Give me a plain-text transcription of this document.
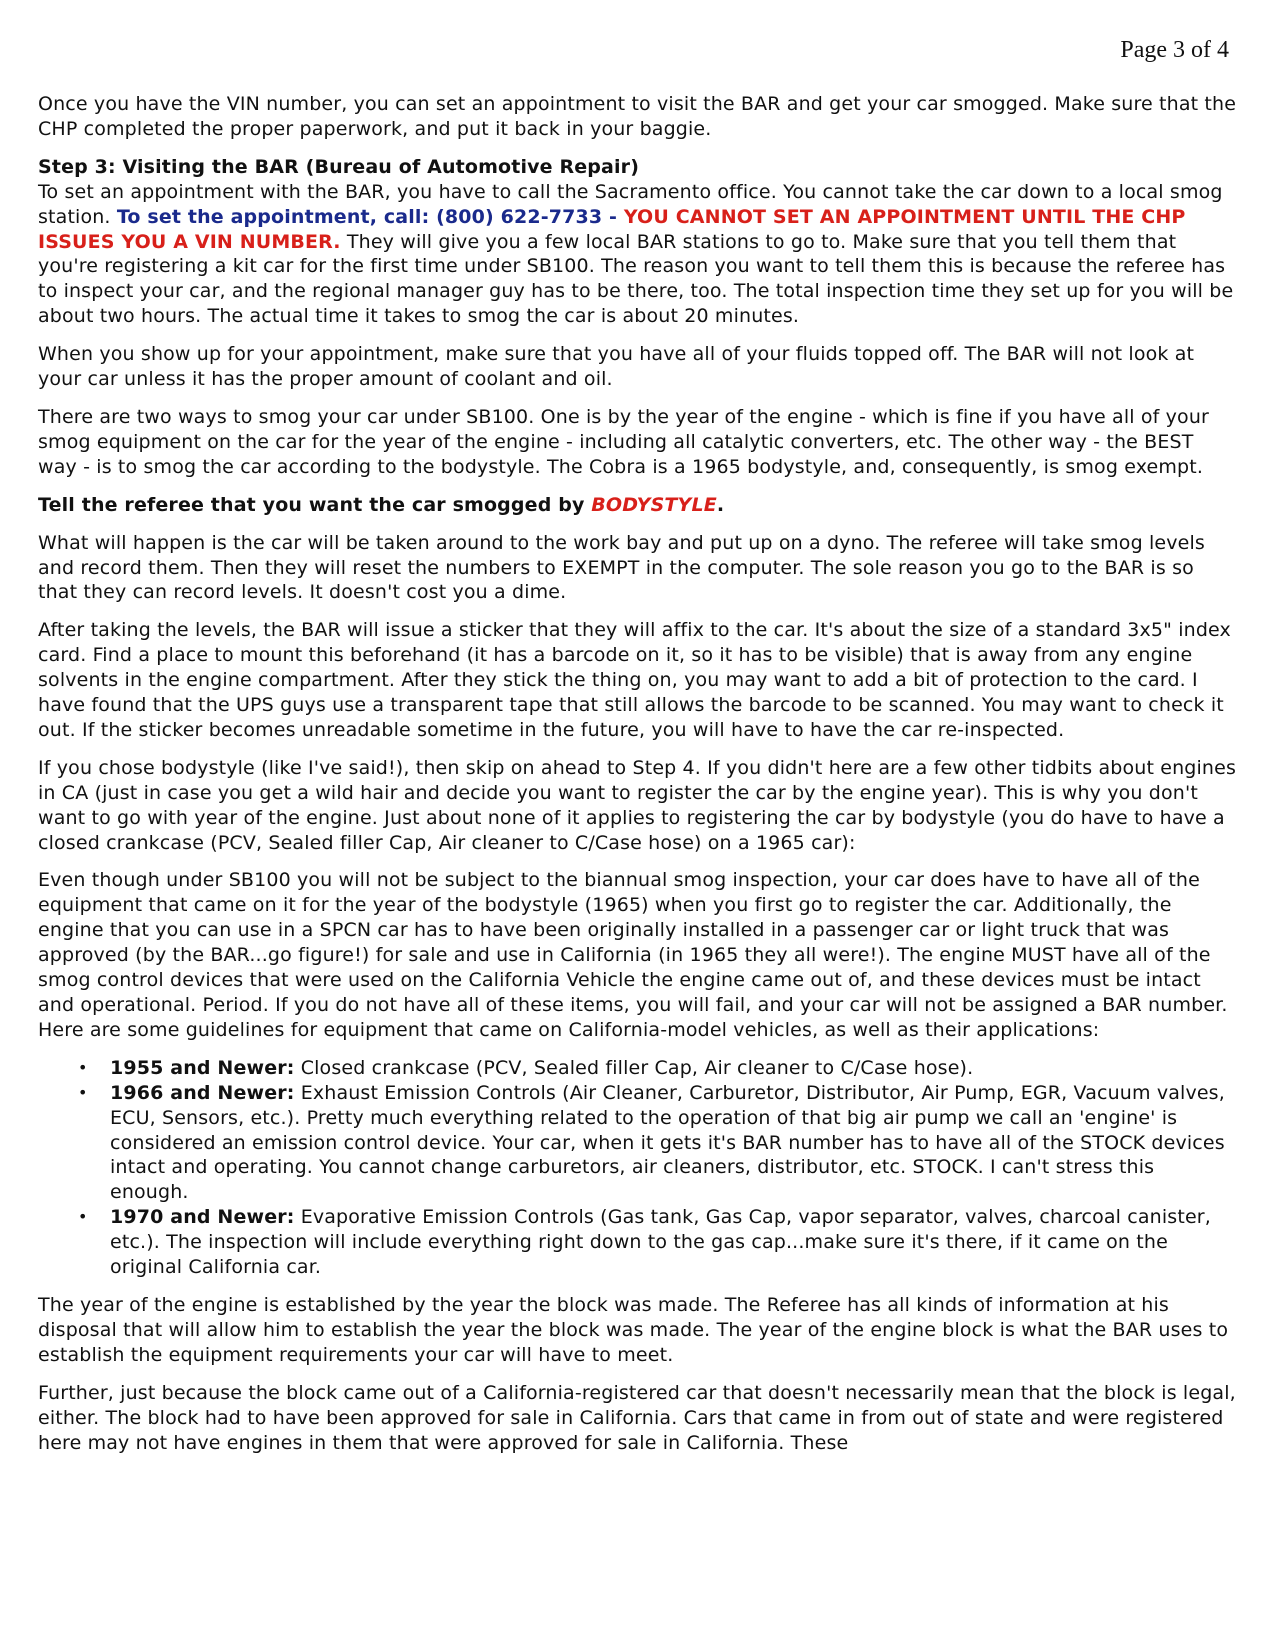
Page 3 of 4

Once you have the VIN number, you can set an appointment to visit the BAR and get your car smogged. Make sure that the CHP completed the proper paperwork, and put it back in your baggie.

Step 3: Visiting the BAR (Bureau of Automotive Repair)
To set an appointment with the BAR, you have to call the Sacramento office. You cannot take the car down to a local smog station. To set the appointment, call: (800) 622-7733 - YOU CANNOT SET AN APPOINTMENT UNTIL THE CHP ISSUES YOU A VIN NUMBER. They will give you a few local BAR stations to go to. Make sure that you tell them that you're registering a kit car for the first time under SB100. The reason you want to tell them this is because the referee has to inspect your car, and the regional manager guy has to be there, too. The total inspection time they set up for you will be about two hours. The actual time it takes to smog the car is about 20 minutes.

When you show up for your appointment, make sure that you have all of your fluids topped off. The BAR will not look at your car unless it has the proper amount of coolant and oil.

There are two ways to smog your car under SB100. One is by the year of the engine - which is fine if you have all of your smog equipment on the car for the year of the engine - including all catalytic converters, etc. The other way - the BEST way - is to smog the car according to the bodystyle. The Cobra is a 1965 bodystyle, and, consequently, is smog exempt.

Tell the referee that you want the car smogged by BODYSTYLE.

What will happen is the car will be taken around to the work bay and put up on a dyno. The referee will take smog levels and record them. Then they will reset the numbers to EXEMPT in the computer. The sole reason you go to the BAR is so that they can record levels. It doesn't cost you a dime.

After taking the levels, the BAR will issue a sticker that they will affix to the car. It's about the size of a standard 3x5" index card. Find a place to mount this beforehand (it has a barcode on it, so it has to be visible) that is away from any engine solvents in the engine compartment. After they stick the thing on, you may want to add a bit of protection to the card. I have found that the UPS guys use a transparent tape that still allows the barcode to be scanned. You may want to check it out. If the sticker becomes unreadable sometime in the future, you will have to have the car re-inspected.

If you chose bodystyle (like I've said!), then skip on ahead to Step 4. If you didn't here are a few other tidbits about engines in CA (just in case you get a wild hair and decide you want to register the car by the engine year). This is why you don't want to go with year of the engine. Just about none of it applies to registering the car by bodystyle (you do have to have a closed crankcase (PCV, Sealed filler Cap, Air cleaner to C/Case hose) on a 1965 car):

Even though under SB100 you will not be subject to the biannual smog inspection, your car does have to have all of the equipment that came on it for the year of the bodystyle (1965) when you first go to register the car. Additionally, the engine that you can use in a SPCN car has to have been originally installed in a passenger car or light truck that was approved (by the BAR...go figure!) for sale and use in California (in 1965 they all were!). The engine MUST have all of the smog control devices that were used on the California Vehicle the engine came out of, and these devices must be intact and operational. Period. If you do not have all of these items, you will fail, and your car will not be assigned a BAR number. Here are some guidelines for equipment that came on California-model vehicles, as well as their applications:

• 1955 and Newer: Closed crankcase (PCV, Sealed filler Cap, Air cleaner to C/Case hose).
• 1966 and Newer: Exhaust Emission Controls (Air Cleaner, Carburetor, Distributor, Air Pump, EGR, Vacuum valves, ECU, Sensors, etc.). Pretty much everything related to the operation of that big air pump we call an 'engine' is considered an emission control device. Your car, when it gets it's BAR number has to have all of the STOCK devices intact and operating. You cannot change carburetors, air cleaners, distributor, etc. STOCK. I can't stress this enough.
• 1970 and Newer: Evaporative Emission Controls (Gas tank, Gas Cap, vapor separator, valves, charcoal canister, etc.). The inspection will include everything right down to the gas cap...make sure it's there, if it came on the original California car.

The year of the engine is established by the year the block was made. The Referee has all kinds of information at his disposal that will allow him to establish the year the block was made. The year of the engine block is what the BAR uses to establish the equipment requirements your car will have to meet.

Further, just because the block came out of a California-registered car that doesn't necessarily mean that the block is legal, either. The block had to have been approved for sale in California. Cars that came in from out of state and were registered here may not have engines in them that were approved for sale in California. These
